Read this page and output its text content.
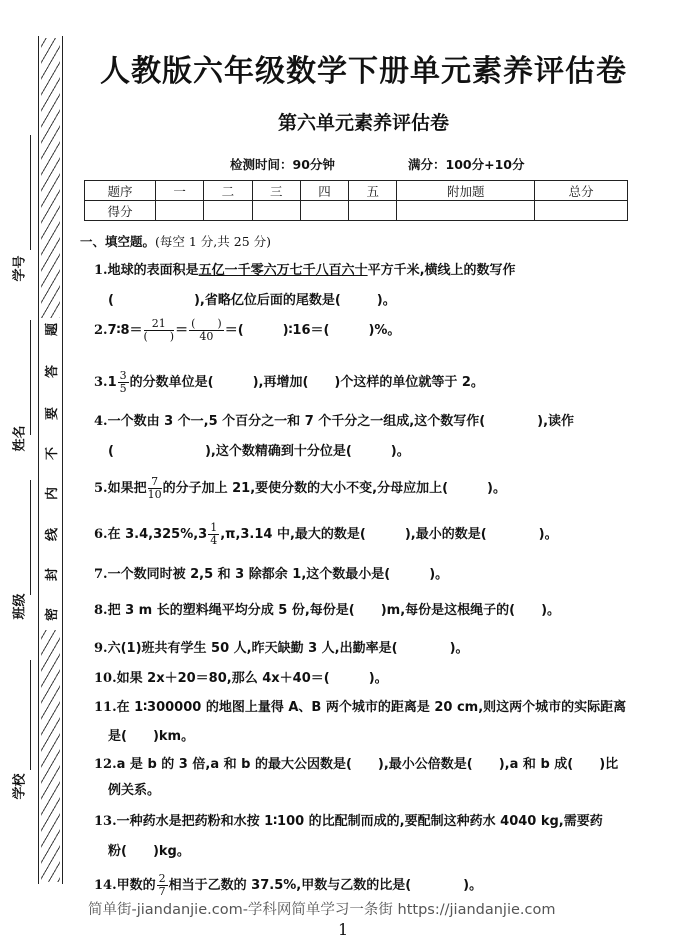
题
答
要
不
内
线
封
密
学号
姓名
班级
学校
人教版六年级数学下册单元素养评估卷
第六单元素养评估卷
检测时间：90分钟	满分：100分+10分
题序	一	二	三	四	五	附加题	总分
得分							
一、填空题。(每空 1 分,共 25 分)
1.地球的表面积是五亿一千零六万七千八百六十平方千米,横线上的数写作
(	),省略亿位后面的尾数是(	)。
2.7∶8＝ $\frac{21}{( )} = \frac{( )}{40}$ ＝(　　　)∶16＝(　　　)%。
$3.1 \frac{3}{5}$ 的分数单位是(　　　),再增加(　　)个这样的单位就等于 2。
4.一个数由 3 个一,5 个百分之一和 7 个千分之一组成,这个数写作(　　　　),读作
(　　　　　　　),这个数精确到十分位是(　　　)。
5.如果把 $\frac{7}{10}$ 的分子加上 21,要使分数的大小不变,分母应加上(　　　)。
6.在 $3.4,325\%,3 \frac{1}{4} ,\pi,3.14$ 中,最大的数是(　　　),最小的数是(　　　　)。
7.一个数同时被 2,5 和 3 除都余 1,这个数最小是(　　　)。
8.把 3 m 长的塑料绳平均分成 5 份,每份是(　　)m,每份是这根绳子的(　　)。
9.六(1)班共有学生 50 人,昨天缺勤 3 人,出勤率是(　　　　)。
10.如果 2x＋20＝80,那么 4x＋40＝(　　　)。
11.在 1∶300000 的地图上量得 A、B 两个城市的距离是 20 cm,则这两个城市的实际距离
是(　　)km。
12.a 是 b 的 3 倍,a 和 b 的最大公因数是(　　),最小公倍数是(　　),a 和 b 成(　　)比
例关系。
13.一种药水是把药粉和水按 1∶100 的比配制而成的,要配制这种药水 4040 kg,需要药
粉(　　)kg。
14.甲数的 $\frac{2}{7}$ 相当于乙数的 37.5%,甲数与乙数的比是(　　　　)。
简单街-jiandanjie.com-学科网简单学习一条街 https://jiandanjie.com
1
